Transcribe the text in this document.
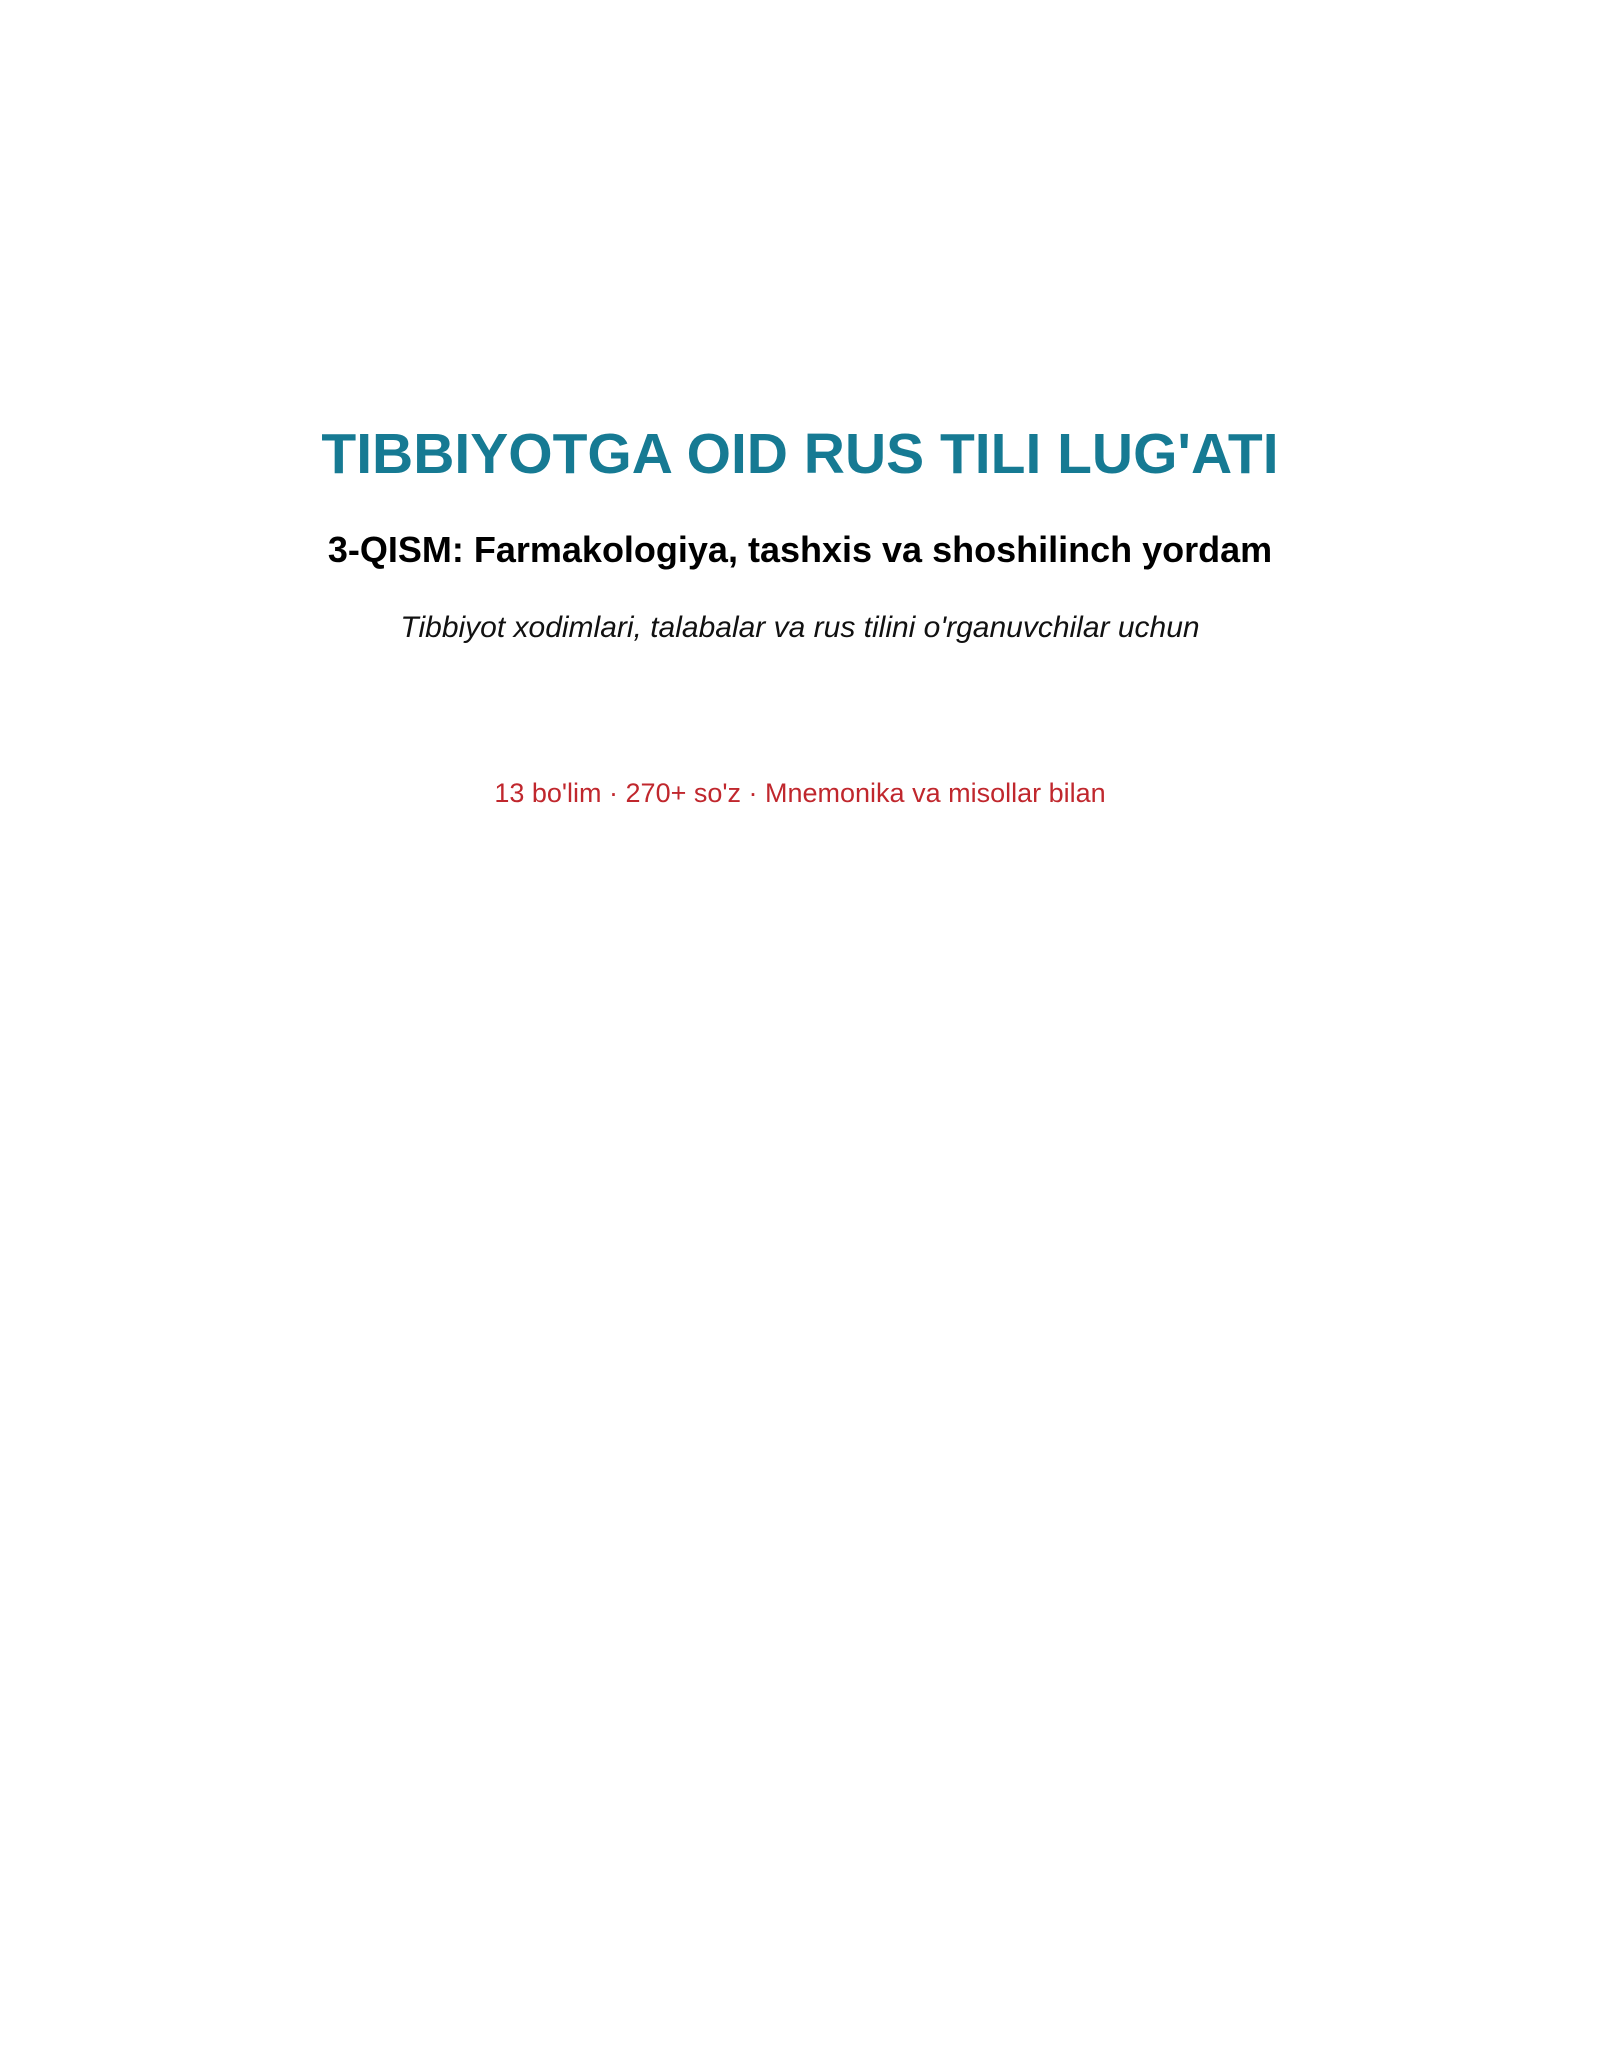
TIBBIYOTGA OID RUS TILI LUG'ATI
3-QISM: Farmakologiya, tashxis va shoshilinch yordam

Tibbiyot xodimlari, talabalar va rus tilini o'rganuvchilar uchun

13 bo'lim · 270+ so'z · Mnemonika va misollar bilan
